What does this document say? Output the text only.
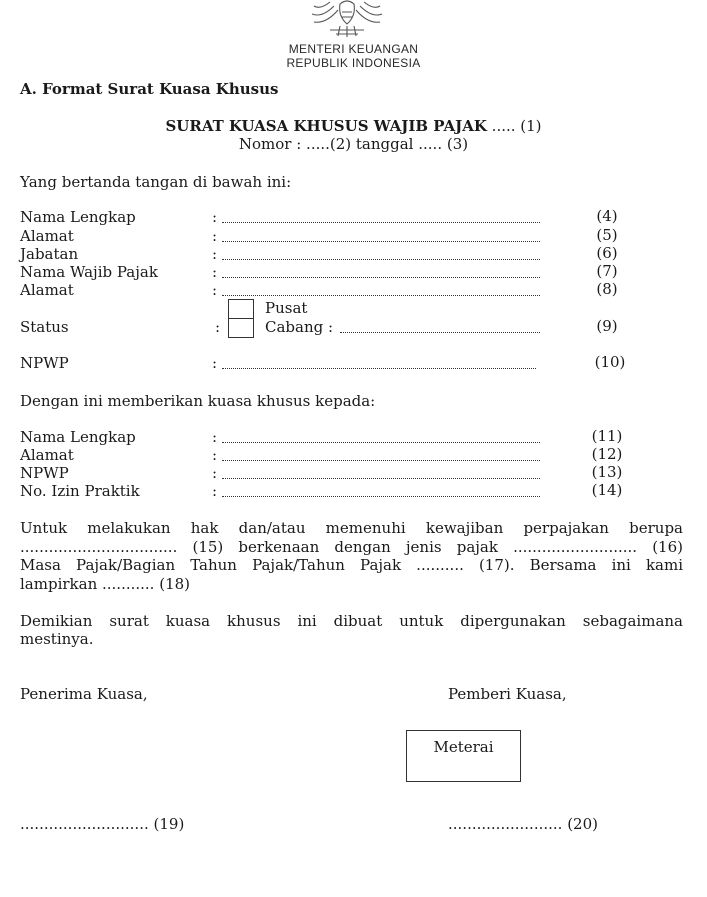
MENTERI KEUANGAN
REPUBLIK INDONESIA
A. Format Surat Kuasa Khusus
SURAT KUASA KHUSUS WAJIB PAJAK ..... (1)
Nomor : .....(2) tanggal ..... (3)
Yang bertanda tangan di bawah ini:
Nama Lengkap	:	(4)
Alamat	:	(5)
Jabatan	:	(6)
Nama Wajib Pajak	:	(7)
Alamat	:	(8)
Pusat
Status	:	Cabang :	(9)
NPWP	:	(10)
Dengan ini memberikan kuasa khusus kepada:
Nama Lengkap	:	(11)
Alamat	:	(12)
NPWP	:	(13)
No. Izin Praktik	:	(14)
Untuk melakukan hak dan/atau memenuhi kewajiban perpajakan berupa
................................. (15) berkenaan dengan jenis pajak .......................... (16)
Masa Pajak/Bagian Tahun Pajak/Tahun Pajak .......... (17). Bersama ini kami
lampirkan ........... (18)
Demikian surat kuasa khusus ini dibuat untuk dipergunakan sebagaimana
mestinya.
Penerima Kuasa,	Pemberi Kuasa,
Meterai
........................... (19)	........................ (20)
